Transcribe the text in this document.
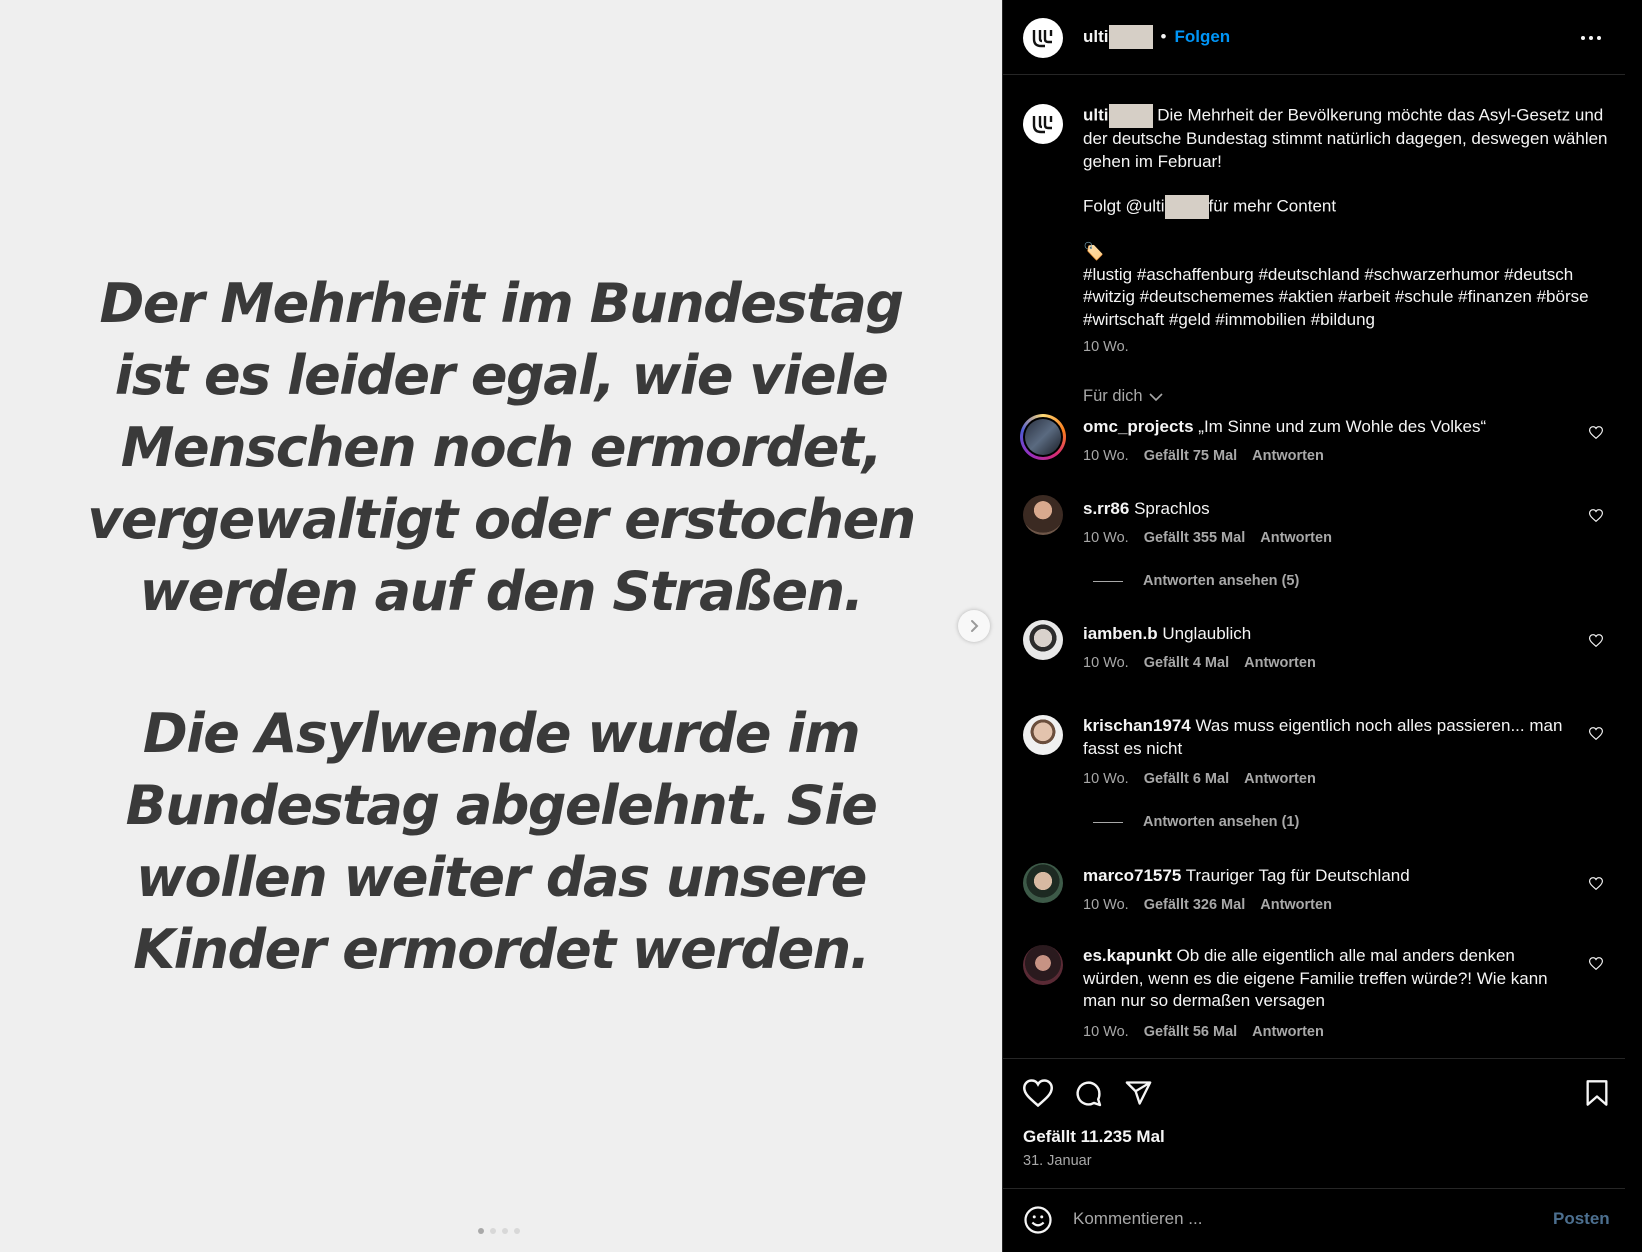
Der Mehrheit im Bundestag
ist es leider egal, wie viele
Menschen noch ermordet,
vergewaltigt oder erstochen
werden auf den Straßen.
Die Asylwende wurde im
Bundestag abgelehnt. Sie
wollen weiter das unsere
Kinder ermordet werden.
ulti	• Folgen
ulti	Die Mehrheit der Bevölkerung möchte das Asyl-Gesetz und der deutsche Bundestag stimmt natürlich dagegen, deswegen wählen gehen im Februar!
Folgt @ulti	für mehr Content
🏷️
#lustig #aschaffenburg #deutschland #schwarzerhumor #deutsch #witzig #deutschememes #aktien #arbeit #schule #finanzen #börse #wirtschaft #geld #immobilien #bildung
Für dich
omc_projects „Im Sinne und zum Wohle des Volkes“
10 Wo. Gefällt 75 Mal Antworten
s.rr86 Sprachlos
10 Wo. Gefällt 355 Mal Antworten
Antworten ansehen (5)
iamben.b Unglaublich
10 Wo. Gefällt 4 Mal Antworten
krischan1974 Was muss eigentlich noch alles passieren... man fasst es nicht
10 Wo. Gefällt 6 Mal Antworten
Antworten ansehen (1)
marco71575 Trauriger Tag für Deutschland
10 Wo. Gefällt 326 Mal Antworten
es.kapunkt Ob die alle eigentlich alle mal anders denken würden, wenn es die eigene Familie treffen würde?! Wie kann man nur so dermaßen versagen
10 Wo. Gefällt 56 Mal Antworten
10 Wo.
Gefällt 11.235 Mal
31. Januar
Kommentieren ...	Posten
